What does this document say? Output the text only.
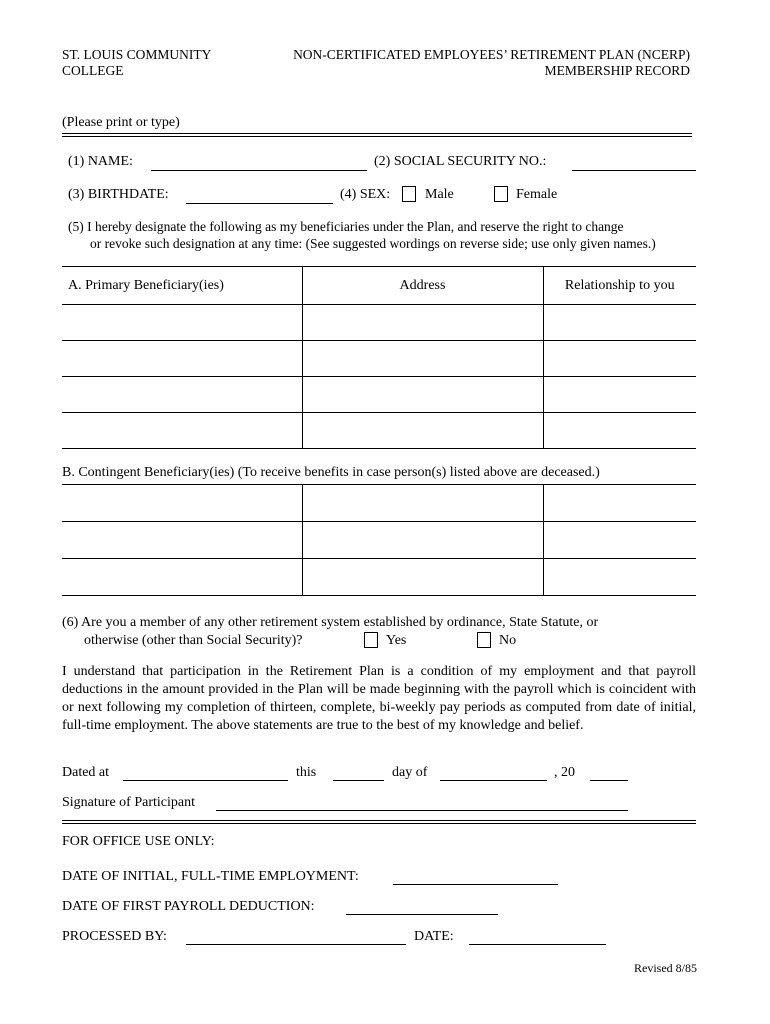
ST. LOUIS COMMUNITY
COLLEGE
NON-CERTIFICATED EMPLOYEES’ RETIREMENT PLAN (NCERP)
MEMBERSHIP RECORD
(Please print or type)
(1) NAME:	(2) SOCIAL SECURITY NO.:
(3) BIRTHDATE:	(4) SEX: Male	Female
(5) I hereby designate the following as my beneficiaries under the Plan, and reserve the right to change
or revoke such designation at any time: (See suggested wordings on reverse side; use only given names.)
A. Primary Beneficiary(ies)	Address	Relationship to you

B. Contingent Beneficiary(ies) (To receive benefits in case person(s) listed above are deceased.)

(6) Are you a member of any other retirement system established by ordinance, State Statute, or
otherwise (other than Social Security)?	Yes	No
I understand that participation in the Retirement Plan is a condition of my employment and that payroll deductions in the amount provided in the Plan will be made beginning with the payroll which is coincident with or next following my completion of thirteen, complete, bi-weekly pay periods as computed from date of initial, full-time employment. The above statements are true to the best of my knowledge and belief.
Dated at	this	day of	, 20
Signature of Participant
FOR OFFICE USE ONLY:
DATE OF INITIAL, FULL-TIME EMPLOYMENT:
DATE OF FIRST PAYROLL DEDUCTION:
PROCESSED BY:	DATE:
Revised 8/85
